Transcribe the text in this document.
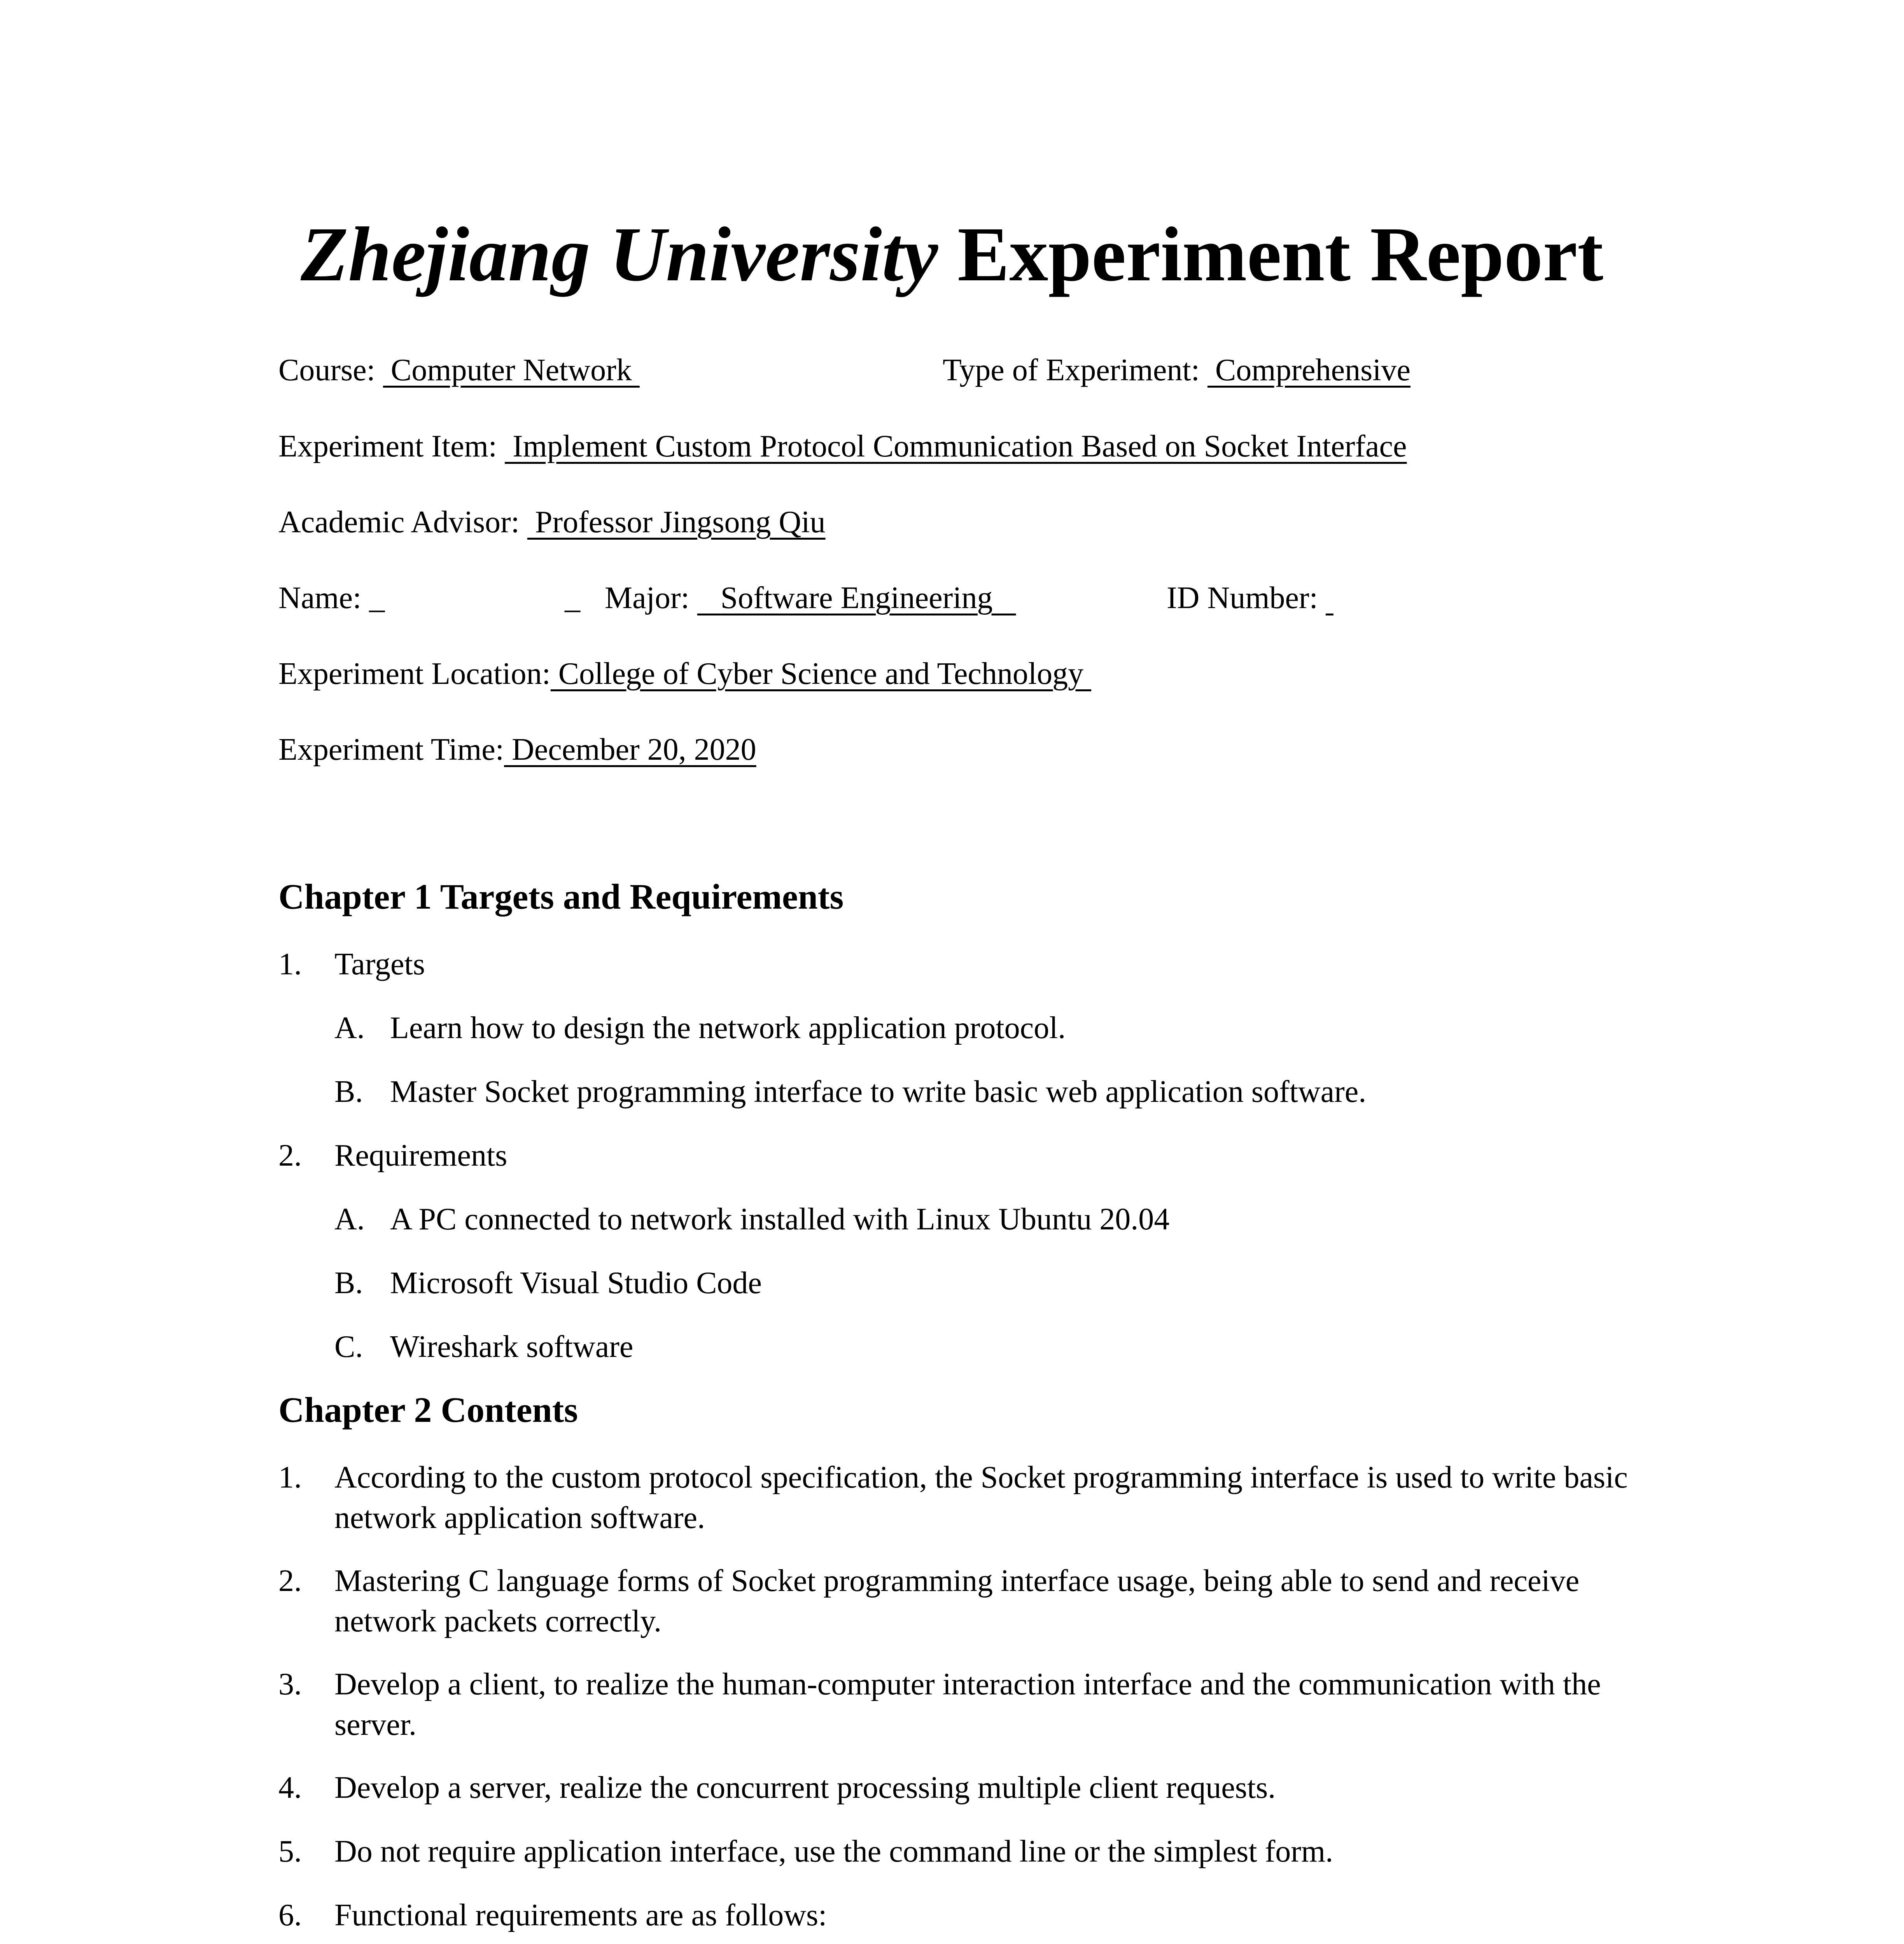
Zhejiang University Experiment Report
Course:  Computer Network	Type of Experiment:  Comprehensive
Experiment Item:  Implement Custom Protocol Communication Based on Socket Interface
Academic Advisor:  Professor Jingsong Qiu
Name: _	_ Major:    Software Engineering	ID Number:
Experiment Location: College of Cyber Science and Technology
Experiment Time: December 20, 2020
Chapter 1 Targets and Requirements
1. Targets
A. Learn how to design the network application protocol.
B. Master Socket programming interface to write basic web application software.
2. Requirements
A. A PC connected to network installed with Linux Ubuntu 20.04
B. Microsoft Visual Studio Code
C. Wireshark software
Chapter 2 Contents
1. According to the custom protocol specification, the Socket programming interface is used to write basic network application software.
2. Mastering C language forms of Socket programming interface usage, being able to send and receive network packets correctly.
3. Develop a client, to realize the human-computer interaction interface and the communication with the server.
4. Develop a server, realize the concurrent processing multiple client requests.
5. Do not require application interface, use the command line or the simplest form.
6. Functional requirements are as follows:
